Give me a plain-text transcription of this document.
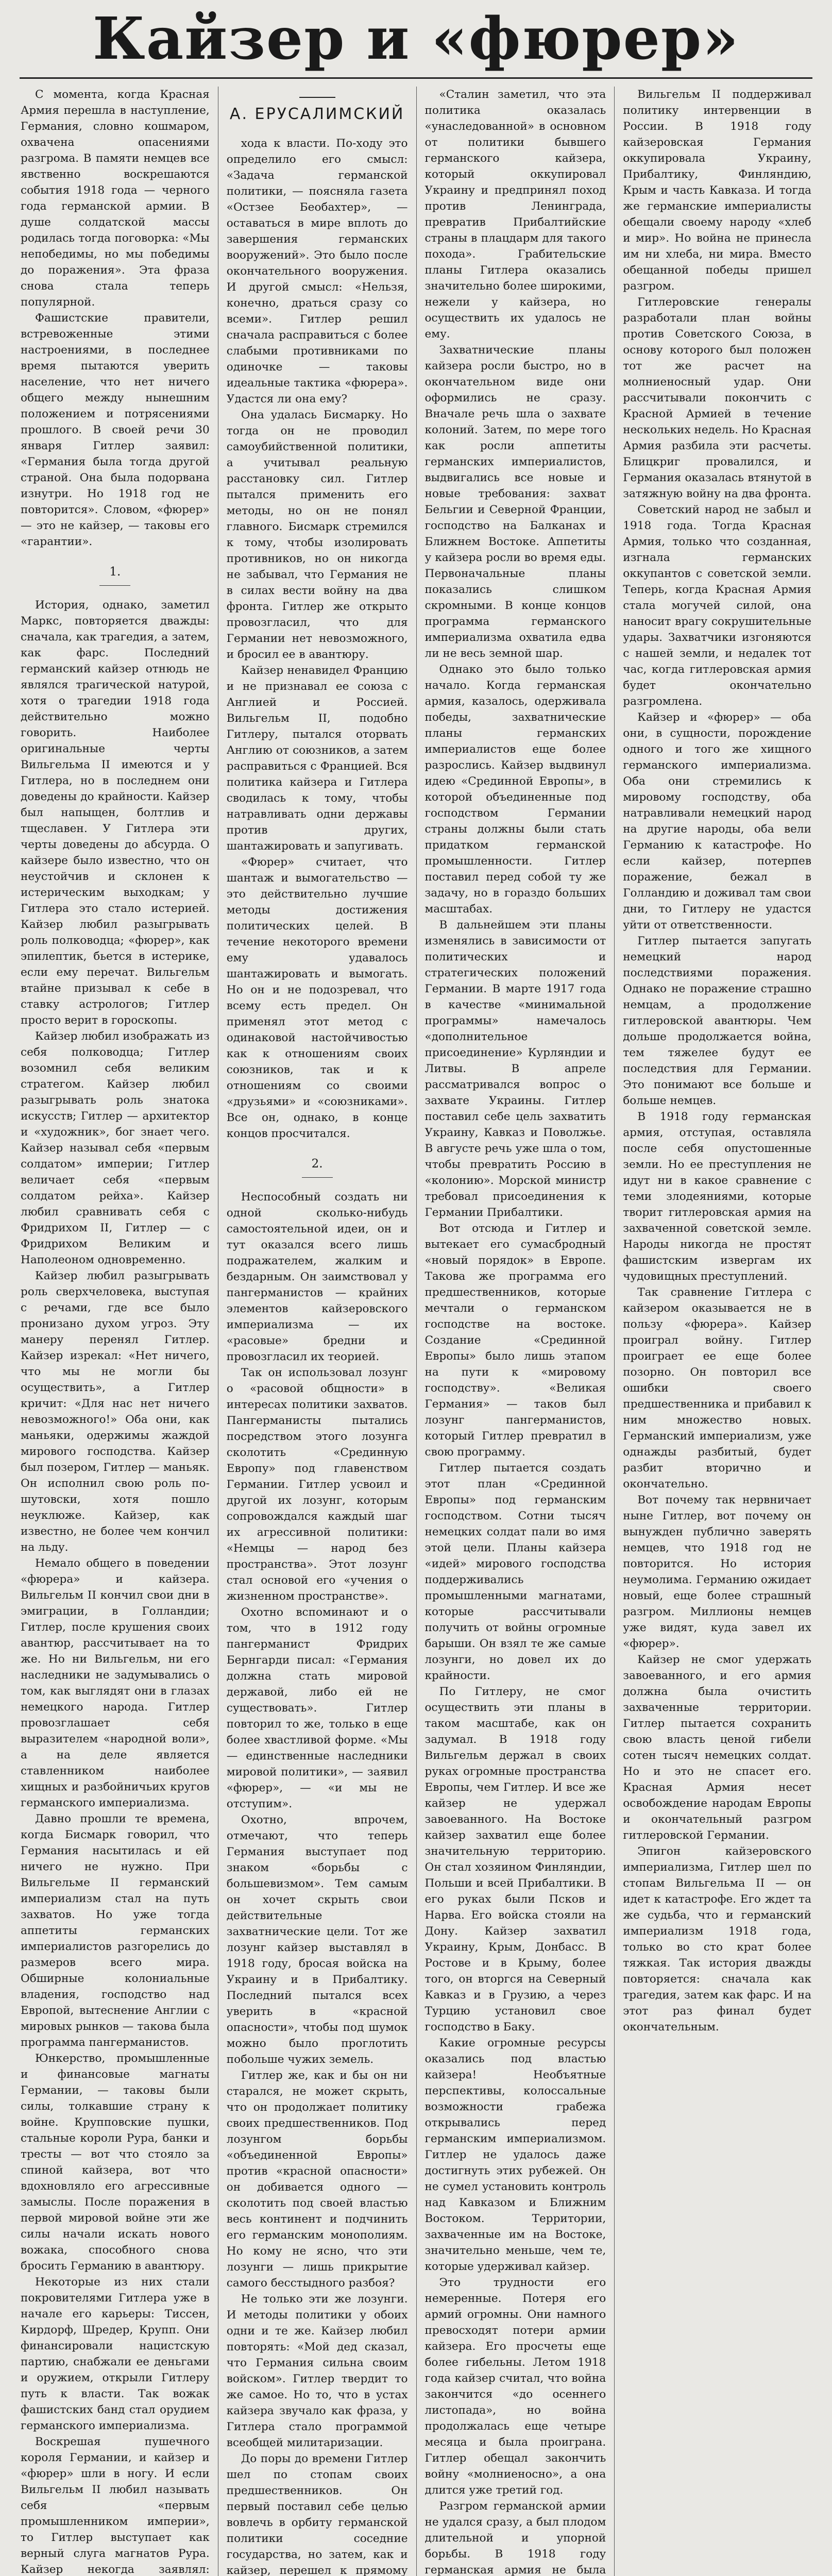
Кайзер и «фюрер»

С момента, когда Красная Армия перешла в наступление, Германия, словно кошмаром, охвачена опасениями разгрома. В памяти немцев все явственно воскрешаются события 1918 года — черного года германской армии. В душе солдатской массы родилась тогда поговорка: «Мы непобедимы, но мы победимы до поражения». Эта фраза снова стала теперь популярной.

Фашистские правители, встревоженные этими настроениями, в последнее время пытаются уверить население, что нет ничего общего между нынешним положением и потрясениями прошлого. В своей речи 30 января Гитлер заявил: «Германия была тогда другой страной. Она была подорвана изнутри. Но 1918 год не повторится». Словом, «фюрер» — это не кайзер, — таковы его «гарантии».

1.

История, однако, заметил Маркс, повторяется дважды: сначала, как трагедия, а затем, как фарс. Последний германский кайзер отнюдь не являлся трагической натурой, хотя о трагедии 1918 года действительно можно говорить. Наиболее оригинальные черты Вильгельма II имеются и у Гитлера, но в последнем они доведены до крайности. Кайзер был напыщен, болтлив и тщеславен. У Гитлера эти черты доведены до абсурда. О кайзере было известно, что он неустойчив и склонен к истерическим выходкам; у Гитлера это стало истерией. Кайзер любил разыгрывать роль полководца; «фюрер», как эпилептик, бьется в истерике, если ему перечат. Вильгельм втайне призывал к себе в ставку астрологов; Гитлер просто верит в гороскопы.

Кайзер любил изображать из себя полководца; Гитлер возомнил себя великим стратегом. Кайзер любил разыгрывать роль знатока искусств; Гитлер — архитектор и «художник», бог знает чего. Кайзер называл себя «первым солдатом» империи; Гитлер величает себя «первым солдатом рейха». Кайзер любил сравнивать себя с Фридрихом II, Гитлер — с Фридрихом Великим и Наполеоном одновременно.

Кайзер любил разыгрывать роль сверхчеловека, выступая с речами, где все было пронизано духом угроз. Эту манеру перенял Гитлер. Кайзер изрекал: «Нет ничего, что мы не могли бы осуществить», а Гитлер кричит: «Для нас нет ничего невозможного!» Оба они, как маньяки, одержимы жаждой мирового господства. Кайзер был позером, Гитлер — маньяк. Он исполнил свою роль по-шутовски, хотя пошло неуклюже. Кайзер, как известно, не более чем кончил на льду.

Немало общего в поведении «фюрера» и кайзера. Вильгельм II кончил свои дни в эмиграции, в Голландии; Гитлер, после крушения своих авантюр, рассчитывает на то же. Но ни Вильгельм, ни его наследники не задумывались о том, как выглядят они в глазах немецкого народа. Гитлер провозглашает себя выразителем «народной воли», а на деле является ставленником наиболее хищных и разбойничьих кругов германского империализма.

Давно прошли те времена, когда Бисмарк говорил, что Германия насытилась и ей ничего не нужно. При Вильгельме II германский империализм стал на путь захватов. Но уже тогда аппетиты германских империалистов разгорелись до размеров всего мира. Обширные колониальные владения, господство над Европой, вытеснение Англии с мировых рынков — такова была программа пангерманистов.

Юнкерство, промышленные и финансовые магнаты Германии, — таковы были силы, толкавшие страну к войне. Крупповские пушки, стальные короли Рура, банки и тресты — вот что стояло за спиной кайзера, вот что вдохновляло его агрессивные замыслы. После поражения в первой мировой войне эти же силы начали искать нового вожака, способного снова бросить Германию в авантюру.

Некоторые из них стали покровителями Гитлера уже в начале его карьеры: Тиссен, Кирдорф, Шредер, Крупп. Они финансировали нацистскую партию, снабжали ее деньгами и оружием, открыли Гитлеру путь к власти. Так вожак фашистских банд стал орудием германского империализма.

Воскрешая пушечного короля Германии, и кайзер и «фюрер» шли в ногу. И если Вильгельм II любил называть себя «первым промышленником империи», то Гитлер выступает как верный слуга магнатов Рура. Кайзер некогда заявлял:

А. ЕРУСАЛИМСКИЙ

хода к власти. По-ходу это определило его смысл: «Задача германской политики, — поясняла газета «Остзее Беобахтер», — оставаться в мире вплоть до завершения германских вооружений». Это было после окончательного вооружения. И другой смысл: «Нельзя, конечно, драться сразу со всеми». Гитлер решил сначала расправиться с более слабыми противниками по одиночке — таковы идеальные тактика «фюрера». Удастся ли она ему?

Она удалась Бисмарку. Но тогда он не проводил самоубийственной политики, а учитывал реальную расстановку сил. Гитлер пытался применить его методы, но он не понял главного. Бисмарк стремился к тому, чтобы изолировать противников, но он никогда не забывал, что Германия не в силах вести войну на два фронта. Гитлер же открыто провозгласил, что для Германии нет невозможного, и бросил ее в авантюру.

Кайзер ненавидел Францию и не признавал ее союза с Англией и Россией. Вильгельм II, подобно Гитлеру, пытался оторвать Англию от союзников, а затем расправиться с Францией. Вся политика кайзера и Гитлера сводилась к тому, чтобы натравливать одни державы против других, шантажировать и запугивать.

«Фюрер» считает, что шантаж и вымогательство — это действительно лучшие методы достижения политических целей. В течение некоторого времени ему удавалось шантажировать и вымогать. Но он и не подозревал, что всему есть предел. Он применял этот метод с одинаковой настойчивостью как к отношениям своих союзников, так и к отношениям со своими «друзьями» и «союзниками». Все он, однако, в конце концов просчитался.

2.

Неспособный создать ни одной сколько-нибудь самостоятельной идеи, он и тут оказался всего лишь подражателем, жалким и бездарным. Он заимствовал у пангерманистов — крайних элементов кайзеровского империализма — их «расовые» бредни и провозгласил их теорией.

Так он использовал лозунг о «расовой общности» в интересах политики захватов. Пангерманисты пытались посредством этого лозунга сколотить «Срединную Европу» под главенством Германии. Гитлер усвоил и другой их лозунг, которым сопровождался каждый шаг их агрессивной политики: «Немцы — народ без пространства». Этот лозунг стал основой его «учения о жизненном пространстве».

Охотно вспоминают и о том, что в 1912 году пангерманист Фридрих Бернгарди писал: «Германия должна стать мировой державой, либо ей не существовать». Гитлер повторил то же, только в еще более хвастливой форме. «Мы — единственные наследники мировой политики», — заявил «фюрер», — «и мы не отступим».

Охотно, впрочем, отмечают, что теперь Германия выступает под знаком «борьбы с большевизмом». Тем самым он хочет скрыть свои действительные захватнические цели. Тот же лозунг кайзер выставлял в 1918 году, бросая войска на Украину и в Прибалтику. Последний пытался всех уверить в «красной опасности», чтобы под шумок можно было проглотить побольше чужих земель.

Гитлер же, как и бы он ни старался, не может скрыть, что он продолжает политику своих предшественников. Под лозунгом борьбы «объединенной Европы» против «красной опасности» он добивается одного — сколотить под своей властью весь континент и подчинить его германским монополиям. Но кому не ясно, что эти лозунги — лишь прикрытие самого бесстыдного разбоя?

Не только эти же лозунги. И методы политики у обоих одни и те же. Кайзер любил повторять: «Мой дед сказал, что Германия сильна своим войском». Гитлер твердит то же самое. Но то, что в устах кайзера звучало как фраза, у Гитлера стало программой всеобщей милитаризации.

До поры до времени Гитлер шел по стопам своих предшественников. Он первый поставил себе целью вовлечь в орбиту германской политики соседние государства, но затем, как и кайзер, перешел к прямому

«Сталин заметил, что эта политика оказалась «унаследованной» в основном от политики бывшего германского кайзера, который оккупировал Украину и предпринял поход против Ленинграда, превратив Прибалтийские страны в плацдарм для такого похода». Грабительские планы Гитлера оказались значительно более широкими, нежели у кайзера, но осуществить их удалось не ему.

Захватнические планы кайзера росли быстро, но в окончательном виде они оформились не сразу. Вначале речь шла о захвате колоний. Затем, по мере того как росли аппетиты германских империалистов, выдвигались все новые и новые требования: захват Бельгии и Северной Франции, господство на Балканах и Ближнем Востоке. Аппетиты у кайзера росли во время еды. Первоначальные планы показались слишком скромными. В конце концов программа германского империализма охватила едва ли не весь земной шар.

Однако это было только начало. Когда германская армия, казалось, одерживала победы, захватнические планы германских империалистов еще более разрослись. Кайзер выдвинул идею «Срединной Европы», в которой объединенные под господством Германии страны должны были стать придатком германской промышленности. Гитлер поставил перед собой ту же задачу, но в гораздо больших масштабах.

В дальнейшем эти планы изменялись в зависимости от политических и стратегических положений Германии. В марте 1917 года в качестве «минимальной программы» намечалось «дополнительное присоединение» Курляндии и Литвы. В апреле рассматривался вопрос о захвате Украины. Гитлер поставил себе цель захватить Украину, Кавказ и Поволжье. В августе речь уже шла о том, чтобы превратить Россию в «колонию». Морской министр требовал присоединения к Германии Прибалтики.

Вот отсюда и Гитлер и вытекает его сумасбродный «новый порядок» в Европе. Такова же программа его предшественников, которые мечтали о германском господстве на востоке. Создание «Срединной Европы» было лишь этапом на пути к «мировому господству». «Великая Германия» — таков был лозунг пангерманистов, который Гитлер превратил в свою программу.

Гитлер пытается создать этот план «Срединной Европы» под германским господством. Сотни тысяч немецких солдат пали во имя этой цели. Планы кайзера «идей» мирового господства поддерживались промышленными магнатами, которые рассчитывали получить от войны огромные барыши. Он взял те же самые лозунги, но довел их до крайности.

По Гитлеру, не смог осуществить эти планы в таком масштабе, как он задумал. В 1918 году Вильгельм держал в своих руках огромные пространства Европы, чем Гитлер. И все же кайзер не удержал завоеванного. На Востоке кайзер захватил еще более значительную территорию. Он стал хозяином Финляндии, Польши и всей Прибалтики. В его руках были Псков и Нарва. Его войска стояли на Дону. Кайзер захватил Украину, Крым, Донбасс. В Ростове и в Крыму, более того, он вторгся на Северный Кавказ и в Грузию, а через Турцию установил свое господство в Баку.

Какие огромные ресурсы оказались под властью кайзера! Необъятные перспективы, колоссальные возможности грабежа открывались перед германским империализмом. Гитлер не удалось даже достигнуть этих рубежей. Он не сумел установить контроль над Кавказом и Ближним Востоком. Территории, захваченные им на Востоке, значительно меньше, чем те, которые удерживал кайзер.

Это трудности его немеренные. Потеря его армий огромны. Они намного превосходят потери армии кайзера. Его просчеты еще более гибельны. Летом 1918 года кайзер считал, что война закончится «до осеннего листопада», но война продолжалась еще четыре месяца и была проиграна. Гитлер обещал закончить войну «молниеносно», а она длится уже третий год.

Разгром германской армии не удался сразу, а был плодом длительной и упорной борьбы. В 1918 году германская армия не была

Вильгельм II поддерживал политику интервенции в России. В 1918 году кайзеровская Германия оккупировала Украину, Прибалтику, Финляндию, Крым и часть Кавказа. И тогда же германские империалисты обещали своему народу «хлеб и мир». Но война не принесла им ни хлеба, ни мира. Вместо обещанной победы пришел разгром.

Гитлеровские генералы разработали план войны против Советского Союза, в основу которого был положен тот же расчет на молниеносный удар. Они рассчитывали покончить с Красной Армией в течение нескольких недель. Но Красная Армия разбила эти расчеты. Блицкриг провалился, и Германия оказалась втянутой в затяжную войну на два фронта.

Советский народ не забыл и 1918 года. Тогда Красная Армия, только что созданная, изгнала германских оккупантов с советской земли. Теперь, когда Красная Армия стала могучей силой, она наносит врагу сокрушительные удары. Захватчики изгоняются с нашей земли, и недалек тот час, когда гитлеровская армия будет окончательно разгромлена.

Кайзер и «фюрер» — оба они, в сущности, порождение одного и того же хищного германского империализма. Оба они стремились к мировому господству, оба натравливали немецкий народ на другие народы, оба вели Германию к катастрофе. Но если кайзер, потерпев поражение, бежал в Голландию и доживал там свои дни, то Гитлеру не удастся уйти от ответственности.

Гитлер пытается запугать немецкий народ последствиями поражения. Однако не поражение страшно немцам, а продолжение гитлеровской авантюры. Чем дольше продолжается война, тем тяжелее будут ее последствия для Германии. Это понимают все больше и больше немцев.

В 1918 году германская армия, отступая, оставляла после себя опустошенные земли. Но ее преступления не идут ни в какое сравнение с теми злодеяниями, которые творит гитлеровская армия на захваченной советской земле. Народы никогда не простят фашистским извергам их чудовищных преступлений.

Так сравнение Гитлера с кайзером оказывается не в пользу «фюрера». Кайзер проиграл войну. Гитлер проиграет ее еще более позорно. Он повторил все ошибки своего предшественника и прибавил к ним множество новых. Германский империализм, уже однажды разбитый, будет разбит вторично и окончательно.

Вот почему так нервничает ныне Гитлер, вот почему он вынужден публично заверять немцев, что 1918 год не повторится. Но история неумолима. Германию ожидает новый, еще более страшный разгром. Миллионы немцев уже видят, куда завел их «фюрер».

Кайзер не смог удержать завоеванного, и его армия должна была очистить захваченные территории. Гитлер пытается сохранить свою власть ценой гибели сотен тысяч немецких солдат. Но и это не спасет его. Красная Армия несет освобождение народам Европы и окончательный разгром гитлеровской Германии.

Эпигон кайзеровского империализма, Гитлер шел по стопам Вильгельма II — он идет к катастрофе. Его ждет та же судьба, что и германский империализм 1918 года, только во сто крат более тяжкая. Так история дважды повторяется: сначала как трагедия, затем как фарс. И на этот раз финал будет окончательным.
